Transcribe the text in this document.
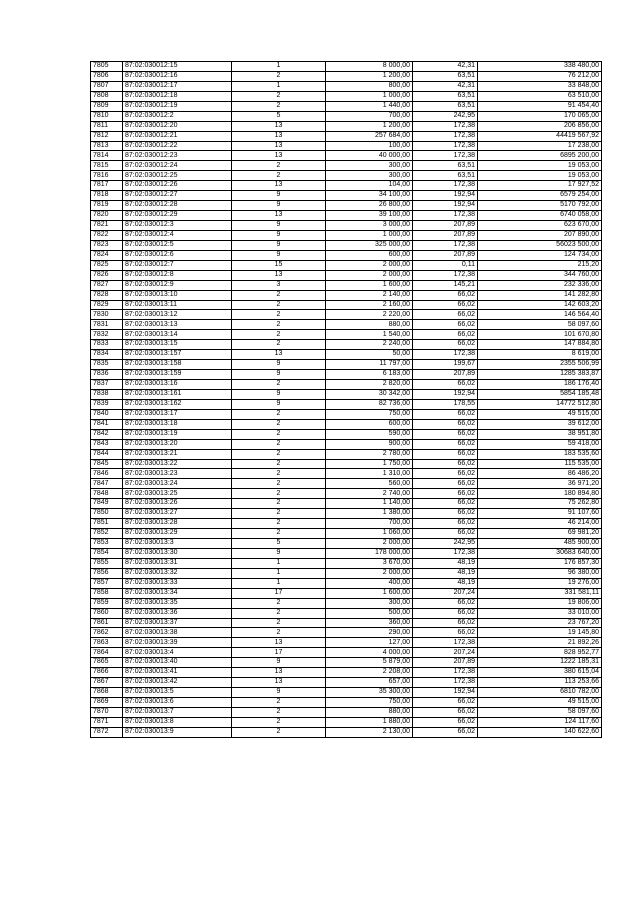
7805	87:02:030012:15	1	8 000,00	42,31	338 480,00
7806	87:02:030012:16	2	1 200,00	63,51	76 212,00
7807	87:02:030012:17	1	800,00	42,31	33 848,00
7808	87:02:030012:18	2	1 000,00	63,51	63 510,00
7809	87:02:030012:19	2	1 440,00	63,51	91 454,40
7810	87:02:030012:2	5	700,00	242,95	170 065,00
7811	87:02:030012:20	13	1 200,00	172,38	206 856,00
7812	87:02:030012:21	13	257 684,00	172,38	44419 567,92
7813	87:02:030012:22	13	100,00	172,38	17 238,00
7814	87:02:030012:23	13	40 000,00	172,38	6895 200,00
7815	87:02:030012:24	2	300,00	63,51	19 053,00
7816	87:02:030012:25	2	300,00	63,51	19 053,00
7817	87:02:030012:26	13	104,00	172,38	17 927,52
7818	87:02:030012:27	9	34 100,00	192,94	6579 254,00
7819	87:02:030012:28	9	26 800,00	192,94	5170 792,00
7820	87:02:030012:29	13	39 100,00	172,38	6740 058,00
7821	87:02:030012:3	9	3 000,00	207,89	623 670,00
7822	87:02:030012:4	9	1 000,00	207,89	207 890,00
7823	87:02:030012:5	9	325 000,00	172,38	56023 500,00
7824	87:02:030012:6	9	600,00	207,89	124 734,00
7825	87:02:030012:7	15	2 000,00	0,11	215,20
7826	87:02:030012:8	13	2 000,00	172,38	344 760,00
7827	87:02:030012:9	3	1 600,00	145,21	232 336,00
7828	87:02:030013:10	2	2 140,00	66,02	141 282,80
7829	87:02:030013:11	2	2 160,00	66,02	142 603,20
7830	87:02:030013:12	2	2 220,00	66,02	146 564,40
7831	87:02:030013:13	2	880,00	66,02	58 097,60
7832	87:02:030013:14	2	1 540,00	66,02	101 670,80
7833	87:02:030013:15	2	2 240,00	66,02	147 884,80
7834	87:02:030013:157	13	50,00	172,38	8 619,00
7835	87:02:030013:158	9	11 797,00	199,67	2355 506,99
7836	87:02:030013:159	9	6 183,00	207,89	1285 383,87
7837	87:02:030013:16	2	2 820,00	66,02	186 176,40
7838	87:02:030013:161	9	30 342,00	192,94	5854 185,48
7839	87:02:030013:162	9	82 736,00	178,55	14772 512,80
7840	87:02:030013:17	2	750,00	66,02	49 515,00
7841	87:02:030013:18	2	600,00	66,02	39 612,00
7842	87:02:030013:19	2	590,00	66,02	38 951,80
7843	87:02:030013:20	2	900,00	66,02	59 418,00
7844	87:02:030013:21	2	2 780,00	66,02	183 535,60
7845	87:02:030013:22	2	1 750,00	66,02	115 535,00
7846	87:02:030013:23	2	1 310,00	66,02	86 486,20
7847	87:02:030013:24	2	560,00	66,02	36 971,20
7848	87:02:030013:25	2	2 740,00	66,02	180 894,80
7849	87:02:030013:26	2	1 140,00	66,02	75 262,80
7850	87:02:030013:27	2	1 380,00	66,02	91 107,60
7851	87:02:030013:28	2	700,00	66,02	46 214,00
7852	87:02:030013:29	2	1 060,00	66,02	69 981,20
7853	87:02:030013:3	5	2 000,00	242,95	485 900,00
7854	87:02:030013:30	9	178 000,00	172,38	30683 640,00
7855	87:02:030013:31	1	3 670,00	48,19	176 857,30
7856	87:02:030013:32	1	2 000,00	48,19	96 380,00
7857	87:02:030013:33	1	400,00	48,19	19 276,00
7858	87:02:030013:34	17	1 600,00	207,24	331 581,11
7859	87:02:030013:35	2	300,00	66,02	19 806,00
7860	87:02:030013:36	2	500,00	66,02	33 010,00
7861	87:02:030013:37	2	360,00	66,02	23 767,20
7862	87:02:030013:38	2	290,00	66,02	19 145,80
7863	87:02:030013:39	13	127,00	172,38	21 892,26
7864	87:02:030013:4	17	4 000,00	207,24	828 952,77
7865	87:02:030013:40	9	5 879,00	207,89	1222 185,31
7866	87:02:030013:41	13	2 208,00	172,38	380 615,04
7867	87:02:030013:42	13	657,00	172,38	113 253,66
7868	87:02:030013:5	9	35 300,00	192,94	6810 782,00
7869	87:02:030013:6	2	750,00	66,02	49 515,00
7870	87:02:030013:7	2	880,00	66,02	58 097,60
7871	87:02:030013:8	2	1 880,00	66,02	124 117,60
7872	87:02:030013:9	2	2 130,00	66,02	140 622,60
